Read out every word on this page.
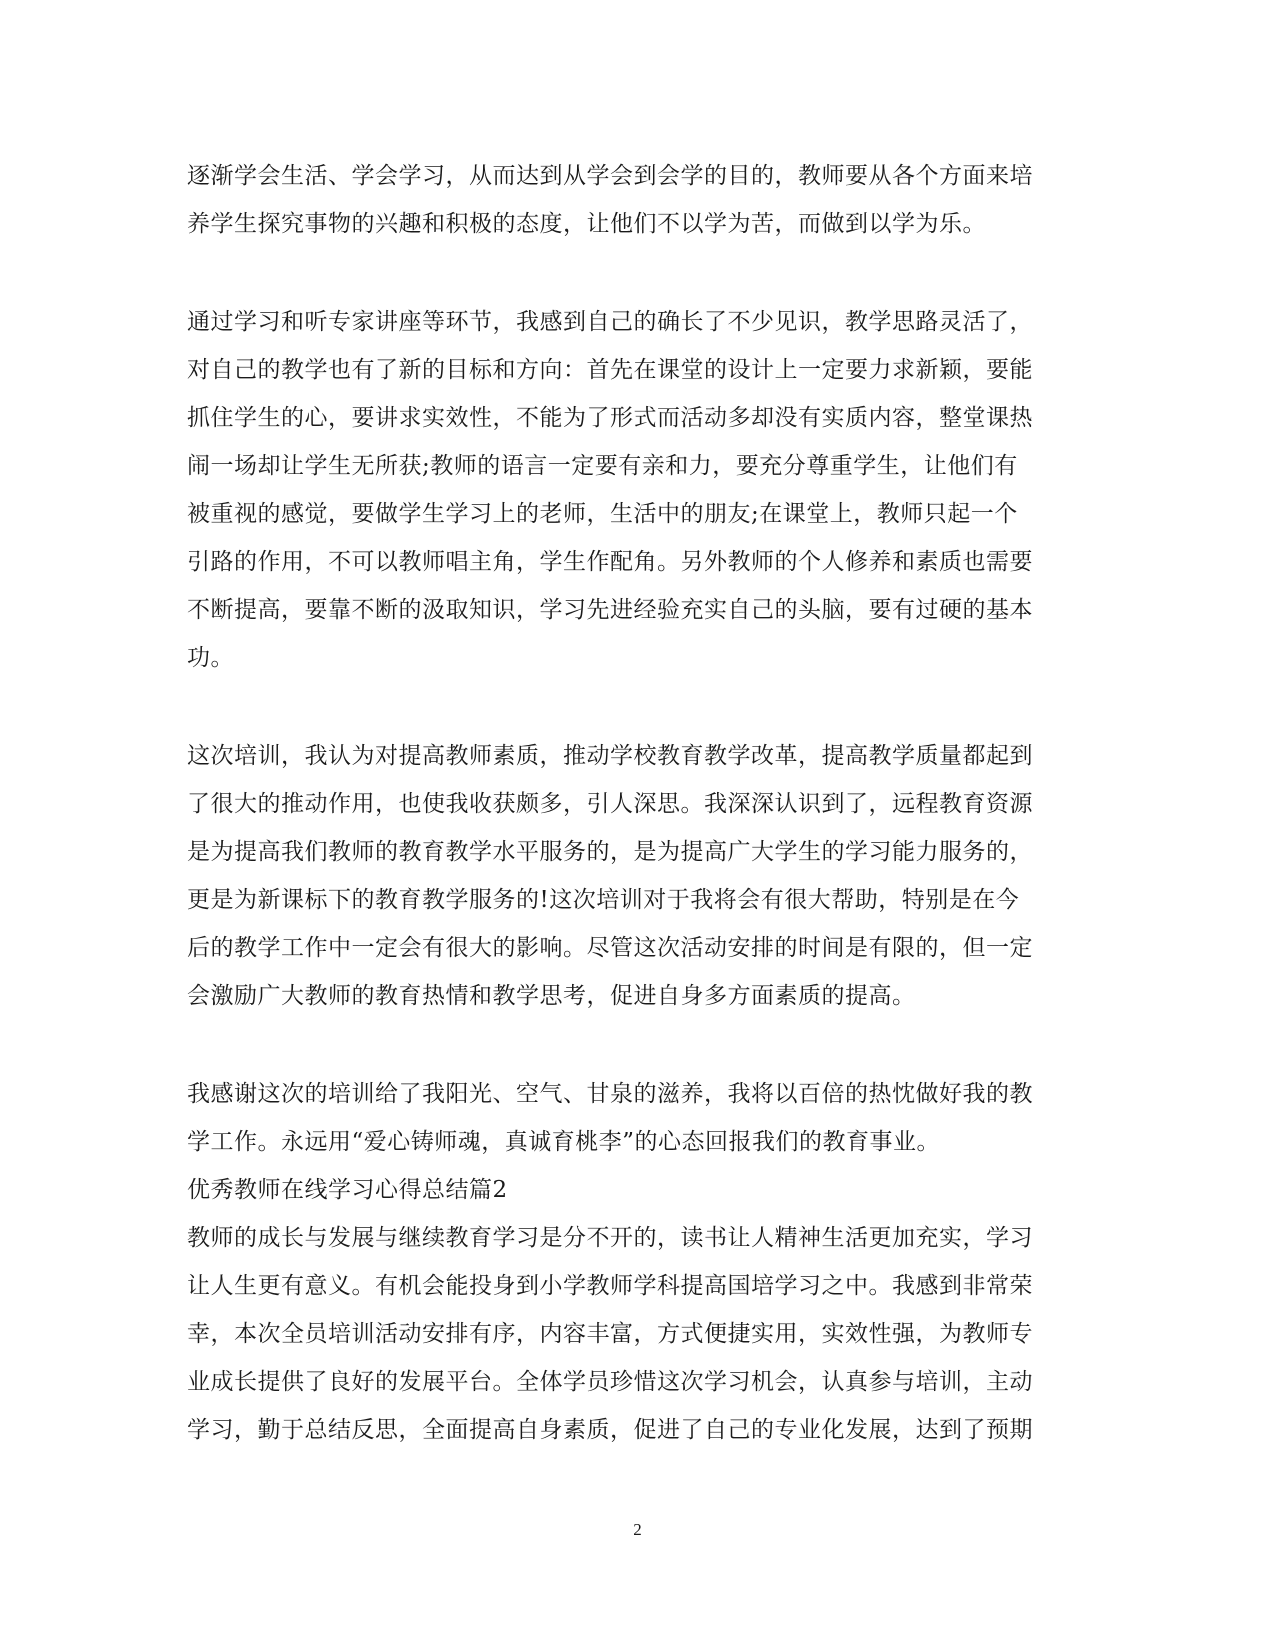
逐渐学会生活、学会学习，从而达到从学会到会学的目的，教师要从各个方面来培
养学生探究事物的兴趣和积极的态度，让他们不以学为苦，而做到以学为乐。
通过学习和听专家讲座等环节，我感到自己的确长了不少见识，教学思路灵活了，
对自己的教学也有了新的目标和方向：首先在课堂的设计上一定要力求新颖，要能
抓住学生的心，要讲求实效性，不能为了形式而活动多却没有实质内容，整堂课热
闹一场却让学生无所获;教师的语言一定要有亲和力，要充分尊重学生，让他们有
被重视的感觉，要做学生学习上的老师，生活中的朋友;在课堂上，教师只起一个
引路的作用，不可以教师唱主角，学生作配角。另外教师的个人修养和素质也需要
不断提高，要靠不断的汲取知识，学习先进经验充实自己的头脑，要有过硬的基本
功。
这次培训，我认为对提高教师素质，推动学校教育教学改革，提高教学质量都起到
了很大的推动作用，也使我收获颇多，引人深思。我深深认识到了，远程教育资源
是为提高我们教师的教育教学水平服务的，是为提高广大学生的学习能力服务的，
更是为新课标下的教育教学服务的!这次培训对于我将会有很大帮助，特别是在今
后的教学工作中一定会有很大的影响。尽管这次活动安排的时间是有限的，但一定
会激励广大教师的教育热情和教学思考，促进自身多方面素质的提高。
我感谢这次的培训给了我阳光、空气、甘泉的滋养，我将以百倍的热忱做好我的教
学工作。永远用“爱心铸师魂，真诚育桃李”的心态回报我们的教育事业。
优秀教师在线学习心得总结篇2
教师的成长与发展与继续教育学习是分不开的，读书让人精神生活更加充实，学习
让人生更有意义。有机会能投身到小学教师学科提高国培学习之中。我感到非常荣
幸，本次全员培训活动安排有序，内容丰富，方式便捷实用，实效性强，为教师专
业成长提供了良好的发展平台。全体学员珍惜这次学习机会，认真参与培训，主动
学习，勤于总结反思，全面提高自身素质，促进了自己的专业化发展，达到了预期
2
